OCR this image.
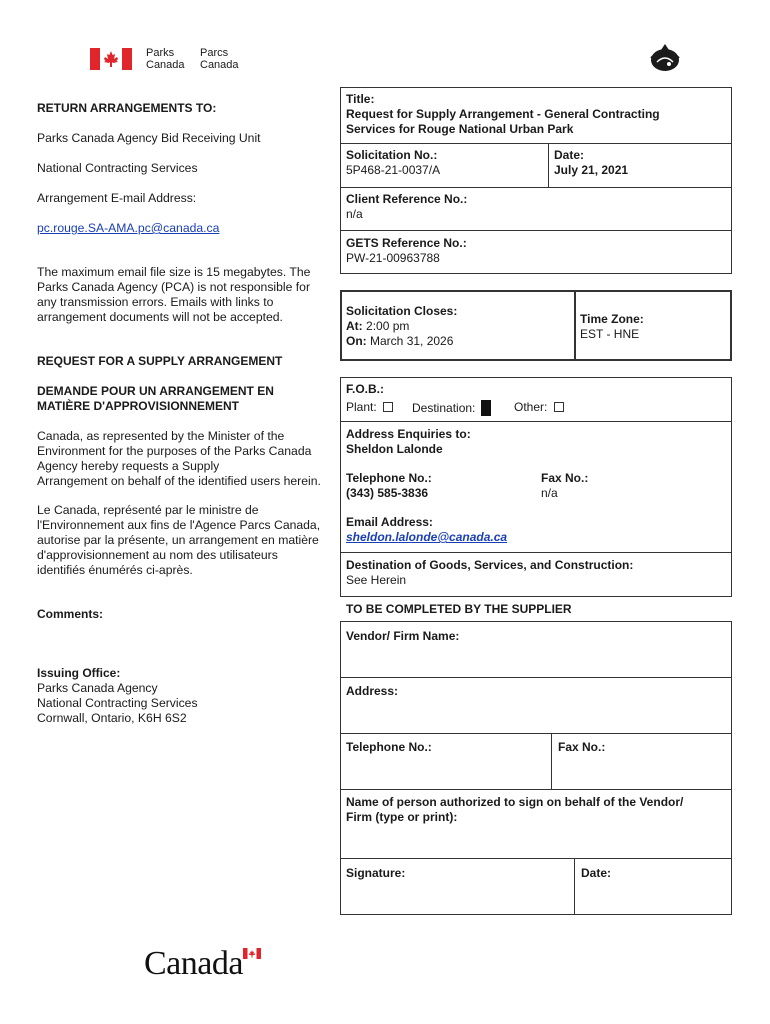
Parks
Canada
Parcs
Canada
RETURN ARRANGEMENTS TO:
Parks Canada Agency Bid Receiving Unit
National Contracting Services
Arrangement E-mail Address:
pc.rouge.SA-AMA.pc@canada.ca
The maximum email file size is 15 megabytes. The
Parks Canada Agency (PCA) is not responsible for
any transmission errors. Emails with links to
arrangement documents will not be accepted.
REQUEST FOR A SUPPLY ARRANGEMENT
DEMANDE POUR UN ARRANGEMENT EN
MATIÈRE D'APPROVISIONNEMENT
Canada, as represented by the Minister of the
Environment for the purposes of the Parks Canada
Agency hereby requests a Supply
Arrangement on behalf of the identified users herein.
Le Canada, représenté par le ministre de
l'Environnement aux fins de l'Agence Parcs Canada,
autorise par la présente, un arrangement en matière
d'approvisionnement au nom des utilisateurs
identifiés énumérés ci-après.
Comments:
Issuing Office:
Parks Canada Agency
National Contracting Services
Cornwall, Ontario, K6H 6S2
Title:
Request for Supply Arrangement - General Contracting
Services for Rouge National Urban Park
Solicitation No.:
5P468-21-0037/A
Date:
July 21, 2021
Client Reference No.:
n/a
GETS Reference No.:
PW-21-00963788
Solicitation Closes:
At: 2:00 pm
On: March 31, 2026
Time Zone:
EST - HNE
F.O.B.:
Plant:	Destination:	Other:
Address Enquiries to:
Sheldon Lalonde
Telephone No.:
(343) 585-3836
Fax No.:
n/a
Email Address:
sheldon.lalonde@canada.ca
Destination of Goods, Services, and Construction:
See Herein
TO BE COMPLETED BY THE SUPPLIER
Vendor/ Firm Name:
Address:
Telephone No.:	Fax No.:
Name of person authorized to sign on behalf of the Vendor/
Firm (type or print):
Signature:	Date:
Canada
